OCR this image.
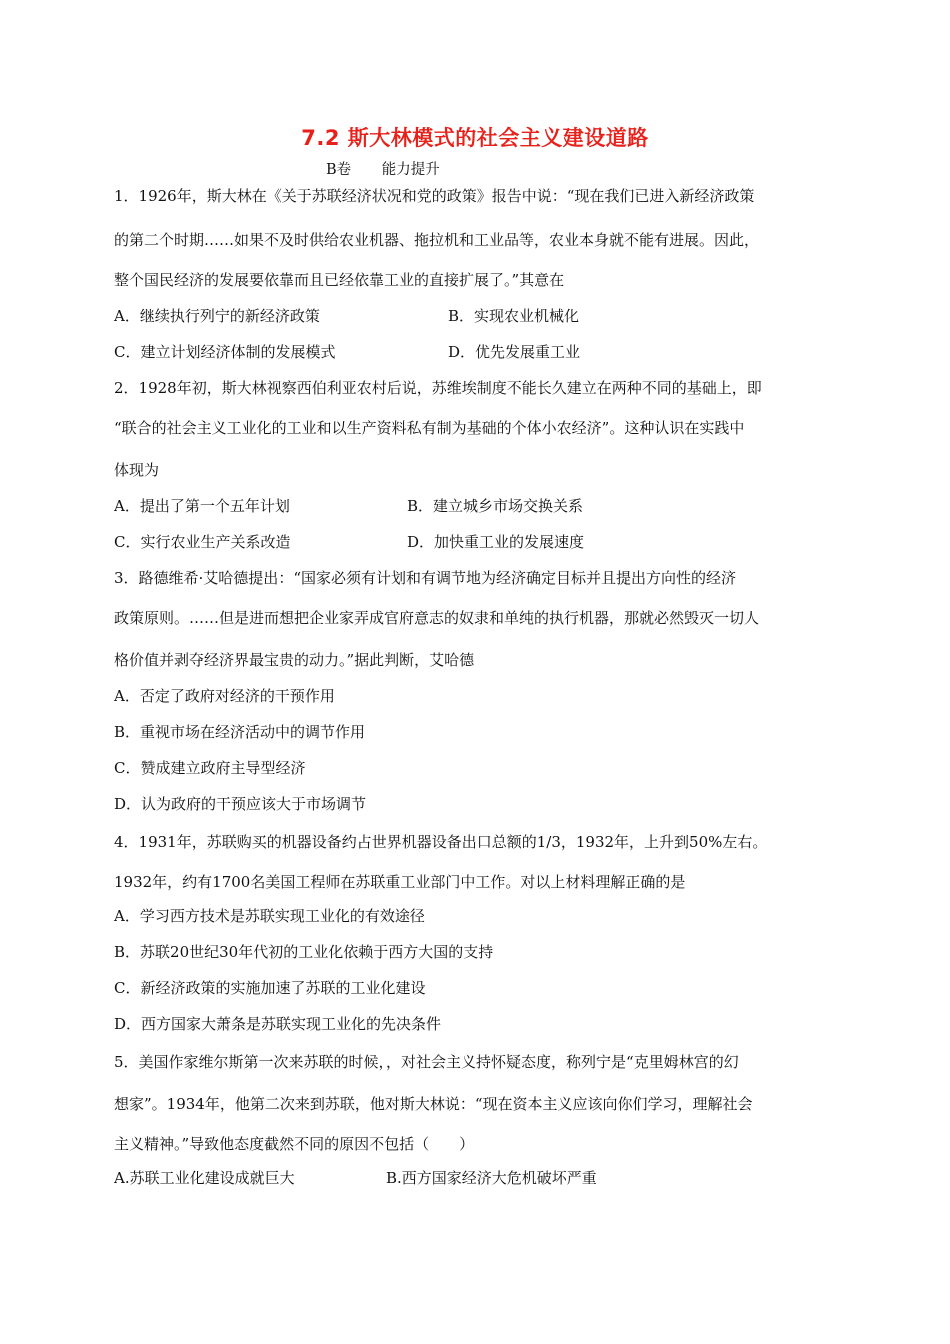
7.2 斯大林模式的社会主义建设道路
B卷 能力提升
1．1926年，斯大林在《关于苏联经济状况和党的政策》报告中说：“现在我们已进入新经济政策
的第二个时期……如果不及时供给农业机器、拖拉机和工业品等，农业本身就不能有进展。因此，
整个国民经济的发展要依靠而且已经依靠工业的直接扩展了。”其意在
A．继续执行列宁的新经济政策	B．实现农业机械化
C．建立计划经济体制的发展模式	D．优先发展重工业
2．1928年初，斯大林视察西伯利亚农村后说，苏维埃制度不能长久建立在两种不同的基础上，即
“联合的社会主义工业化的工业和以生产资料私有制为基础的个体小农经济”。这种认识在实践中
体现为
A．提出了第一个五年计划	B．建立城乡市场交换关系
C．实行农业生产关系改造	D．加快重工业的发展速度
3．路德维希·艾哈德提出：“国家必须有计划和有调节地为经济确定目标并且提出方向性的经济
政策原则。……但是进而想把企业家弄成官府意志的奴隶和单纯的执行机器，那就必然毁灭一切人
格价值并剥夺经济界最宝贵的动力。”据此判断，艾哈德
A．否定了政府对经济的干预作用
B．重视市场在经济活动中的调节作用
C．赞成建立政府主导型经济
D．认为政府的干预应该大于市场调节
4．1931年，苏联购买的机器设备约占世界机器设备出口总额的1/3，1932年，上升到50%左右。
1932年，约有1700名美国工程师在苏联重工业部门中工作。对以上材料理解正确的是
A．学习西方技术是苏联实现工业化的有效途径
B．苏联20世纪30年代初的工业化依赖于西方大国的支持
C．新经济政策的实施加速了苏联的工业化建设
D．西方国家大萧条是苏联实现工业化的先决条件
5．美国作家维尔斯第一次来苏联的时候，，对社会主义持怀疑态度，称列宁是“克里姆林宫的幻
想家”。1934年，他第二次来到苏联，他对斯大林说：“现在资本主义应该向你们学习，理解社会
主义精神。”导致他态度截然不同的原因不包括（　　）
A.苏联工业化建设成就巨大	B.西方国家经济大危机破坏严重
